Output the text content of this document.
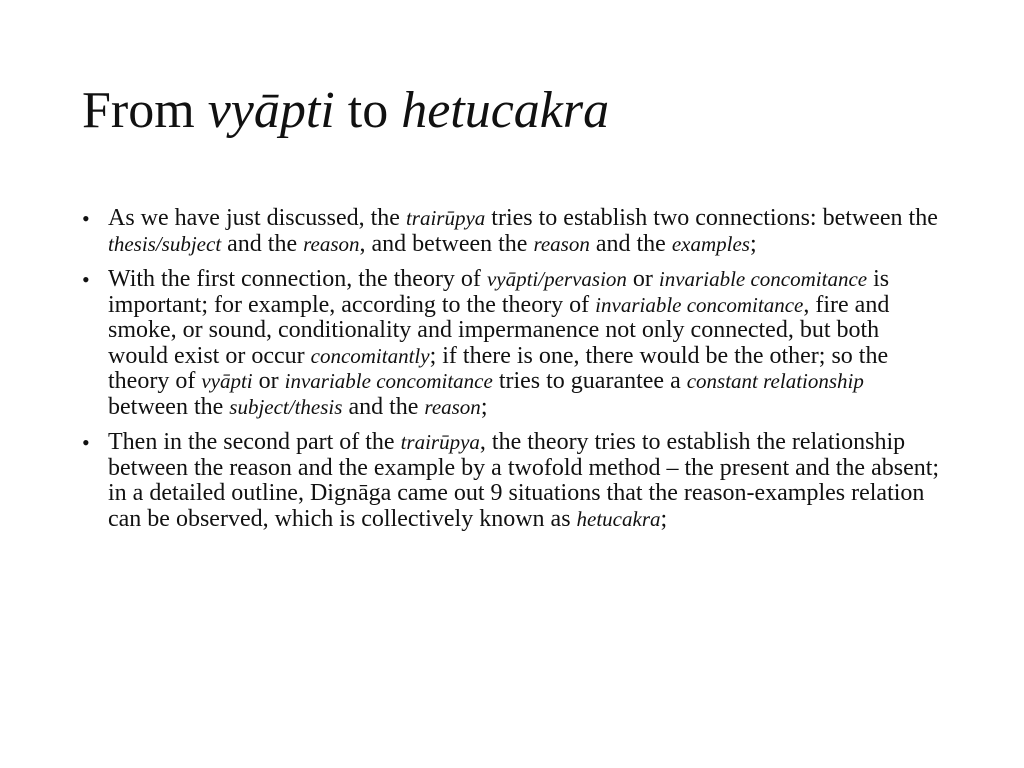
From vyāpti to hetucakra
• As we have just discussed, the trairūpya tries to establish two connections: between the thesis/subject and the reason, and between the reason and the examples;
• With the first connection, the theory of vyāpti/pervasion or invariable concomitance is important; for example, according to the theory of invariable concomitance, fire and smoke, or sound, conditionality and impermanence not only connected, but both would exist or occur concomitantly; if there is one, there would be the other; so the theory of vyāpti or invariable concomitance tries to guarantee a constant relationship between the subject/thesis and the reason;
• Then in the second part of the trairūpya, the theory tries to establish the relationship between the reason and the example by a twofold method – the present and the absent; in a detailed outline, Dignāga came out 9 situations that the reason-examples relation can be observed, which is collectively known as hetucakra;
